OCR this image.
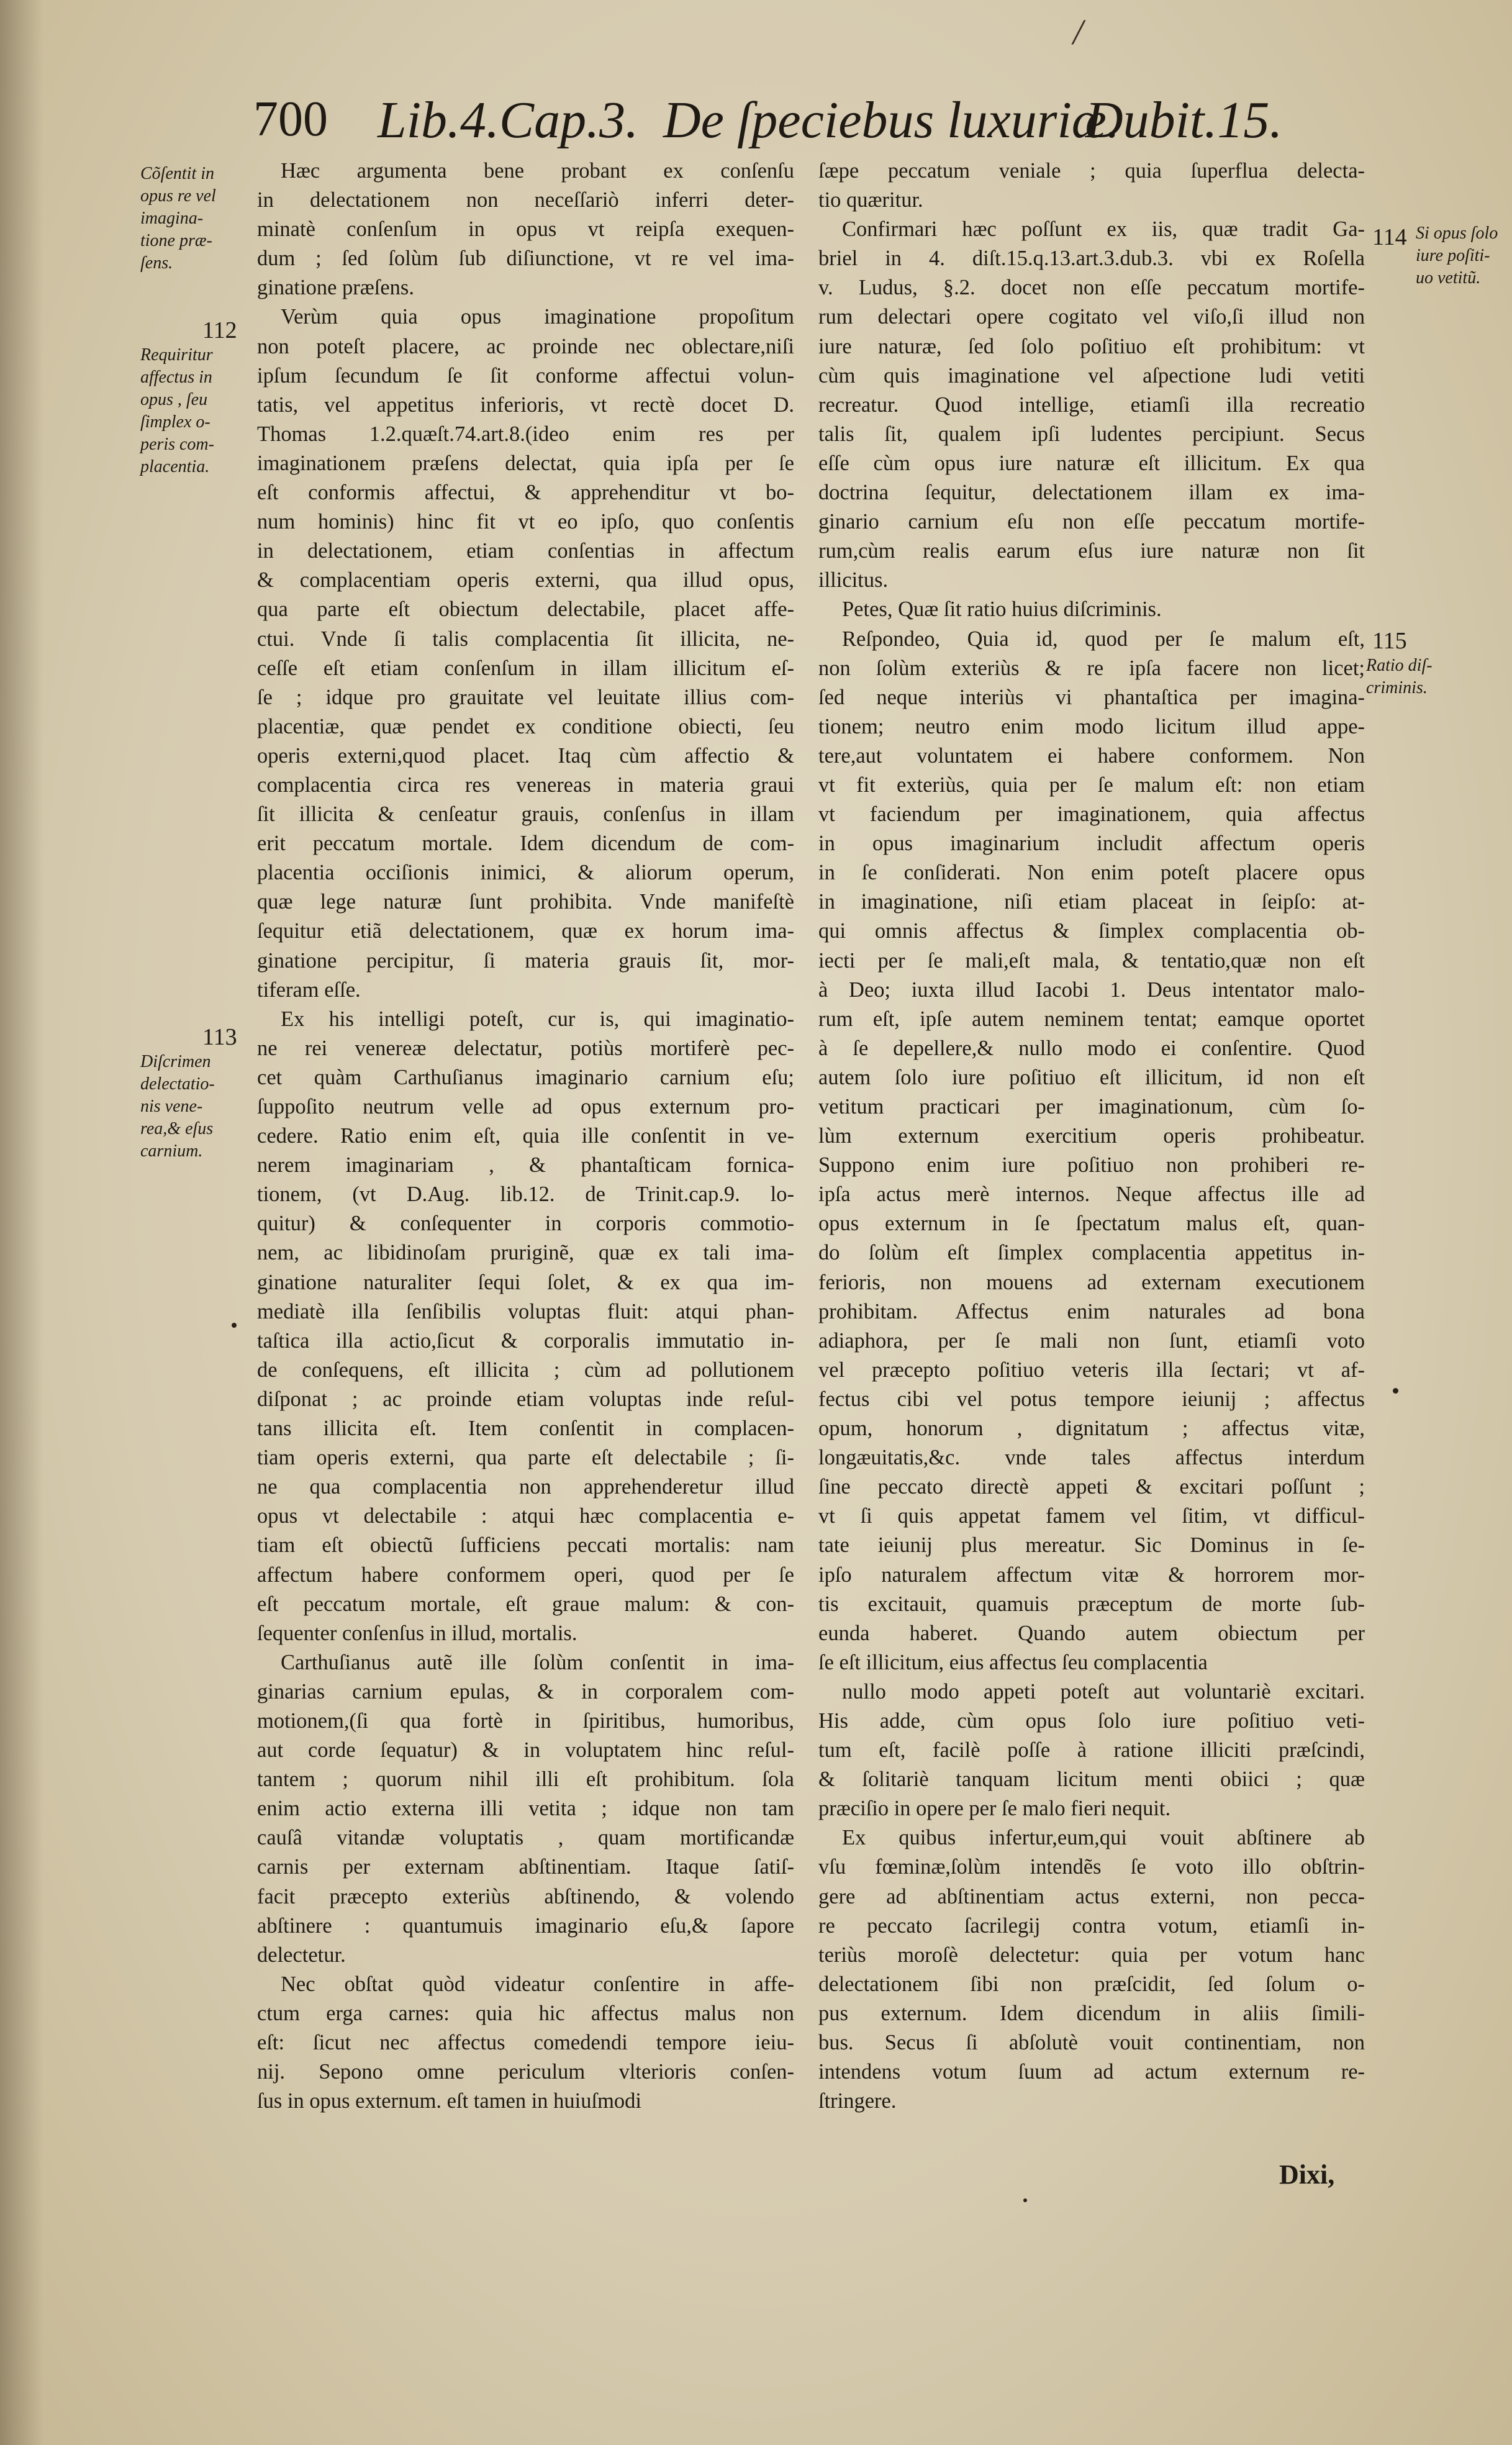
/
700 Lib.4.Cap.3. De ſpeciebus luxuriæ.
Dubit.15.
Cõſentit in
opus re vel
imagina-
tione præ-
ſens.
112
Requiritur
affectus in
opus , ſeu
ſimplex o-
peris com-
placentia.
113
Diſcrimen
delectatio-
nis vene-
rea,& eſus
carnium.
114 Si opus ſolo
iure poſiti-
uo vetitũ.
115
Ratio diſ-
criminis.
Hæc argumenta bene probant ex conſenſu
in delectationem non neceſſariò inferri deter-
minatè conſenſum in opus vt reipſa exequen-
dum ; ſed ſolùm ſub diſiunctione, vt re vel ima-
ginatione præſens.
Verùm quia opus imaginatione propoſitum
non poteſt placere, ac proinde nec oblectare,niſi
ipſum ſecundum ſe ſit conforme affectui volun-
tatis, vel appetitus inferioris, vt rectè docet D.
Thomas 1.2.quæſt.74.art.8.(ideo enim res per
imaginationem præſens delectat, quia ipſa per ſe
eſt conformis affectui, & apprehenditur vt bo-
num hominis) hinc fit vt eo ipſo, quo conſentis
in delectationem, etiam conſentias in affectum
& complacentiam operis externi, qua illud opus,
qua parte eſt obiectum delectabile, placet affe-
ctui. Vnde ſi talis complacentia ſit illicita, ne-
ceſſe eſt etiam conſenſum in illam illicitum eſ-
ſe ; idque pro grauitate vel leuitate illius com-
placentiæ, quæ pendet ex conditione obiecti, ſeu
operis externi,quod placet. Itaq cùm affectio &
complacentia circa res venereas in materia graui
ſit illicita & cenſeatur grauis, conſenſus in illam
erit peccatum mortale. Idem dicendum de com-
placentia occiſionis inimici, & aliorum operum,
quæ lege naturæ ſunt prohibita. Vnde manifeſtè
ſequitur etiã delectationem, quæ ex horum ima-
ginatione percipitur, ſi materia grauis ſit, mor-
tiferam eſſe.
Ex his intelligi poteſt, cur is, qui imaginatio-
ne rei venereæ delectatur, potiùs mortiferè pec-
cet quàm Carthuſianus imaginario carnium eſu;
ſuppoſito neutrum velle ad opus externum pro-
cedere. Ratio enim eſt, quia ille conſentit in ve-
nerem imaginariam , & phantaſticam fornica-
tionem, (vt D.Aug. lib.12. de Trinit.cap.9. lo-
quitur) & conſequenter in corporis commotio-
nem, ac libidinoſam pruriginẽ, quæ ex tali ima-
ginatione naturaliter ſequi ſolet, & ex qua im-
mediatè illa ſenſibilis voluptas fluit: atqui phan-
taſtica illa actio,ſicut & corporalis immutatio in-
de conſequens, eſt illicita ; cùm ad pollutionem
diſponat ; ac proinde etiam voluptas inde reſul-
tans illicita eſt. Item conſentit in complacen-
tiam operis externi, qua parte eſt delectabile ; ſi-
ne qua complacentia non apprehenderetur illud
opus vt delectabile : atqui hæc complacentia e-
tiam eſt obiectũ ſufficiens peccati mortalis: nam
affectum habere conformem operi, quod per ſe
eſt peccatum mortale, eſt graue malum: & con-
ſequenter conſenſus in illud, mortalis.
Carthuſianus autẽ ille ſolùm conſentit in ima-
ginarias carnium epulas, & in corporalem com-
motionem,(ſi qua fortè in ſpiritibus, humoribus,
aut corde ſequatur) & in voluptatem hinc reſul-
tantem ; quorum nihil illi eſt prohibitum. ſola
enim actio externa illi vetita ; idque non tam
cauſâ vitandæ voluptatis , quam mortificandæ
carnis per externam abſtinentiam. Itaque ſatiſ-
facit præcepto exteriùs abſtinendo, & volendo
abſtinere : quantumuis imaginario eſu,& ſapore
delectetur.
Nec obſtat quòd videatur conſentire in affe-
ctum erga carnes: quia hic affectus malus non
eſt: ſicut nec affectus comedendi tempore ieiu-
nij. Sepono omne periculum vlterioris conſen-
ſus in opus externum. eſt tamen in huiuſmodi
ſæpe peccatum veniale ; quia ſuperflua delecta-
tio quæritur.
Confirmari hæc poſſunt ex iis, quæ tradit Ga-
briel in 4. diſt.15.q.13.art.3.dub.3. vbi ex Roſella
v. Ludus, §.2. docet non eſſe peccatum mortife-
rum delectari opere cogitato vel viſo,ſi illud non
iure naturæ, ſed ſolo poſitiuo eſt prohibitum: vt
cùm quis imaginatione vel aſpectione ludi vetiti
recreatur. Quod intellige, etiamſi illa recreatio
talis ſit, qualem ipſi ludentes percipiunt. Secus
eſſe cùm opus iure naturæ eſt illicitum. Ex qua
doctrina ſequitur, delectationem illam ex ima-
ginario carnium eſu non eſſe peccatum mortife-
rum,cùm realis earum eſus iure naturæ non ſit
illicitus.
Petes, Quæ ſit ratio huius diſcriminis.
Reſpondeo, Quia id, quod per ſe malum eſt,
non ſolùm exteriùs & re ipſa facere non licet;
ſed neque interiùs vi phantaſtica per imagina-
tionem; neutro enim modo licitum illud appe-
tere,aut voluntatem ei habere conformem. Non
vt fit exteriùs, quia per ſe malum eſt: non etiam
vt faciendum per imaginationem, quia affectus
in opus imaginarium includit affectum operis
in ſe conſiderati. Non enim poteſt placere opus
in imaginatione, niſi etiam placeat in ſeipſo: at-
qui omnis affectus & ſimplex complacentia ob-
iecti per ſe mali,eſt mala, & tentatio,quæ non eſt
à Deo; iuxta illud Iacobi 1. Deus intentator malo-
rum eſt, ipſe autem neminem tentat; eamque oportet
à ſe depellere,& nullo modo ei conſentire. Quod
autem ſolo iure poſitiuo eſt illicitum, id non eſt
vetitum practicari per imaginationum, cùm ſo-
lùm externum exercitium operis prohibeatur.
Suppono enim iure poſitiuo non prohiberi re-
ipſa actus merè internos. Neque affectus ille ad
opus externum in ſe ſpectatum malus eſt, quan-
do ſolùm eſt ſimplex complacentia appetitus in-
ferioris, non mouens ad externam executionem
prohibitam. Affectus enim naturales ad bona
adiaphora, per ſe mali non ſunt, etiamſi voto
vel præcepto poſitiuo veteris illa ſectari; vt af-
fectus cibi vel potus tempore ieiunij ; affectus
opum, honorum , dignitatum ; affectus vitæ,
longæuitatis,&c. vnde tales affectus interdum
ſine peccato directè appeti & excitari poſſunt ;
vt ſi quis appetat famem vel ſitim, vt difficul-
tate ieiunij plus mereatur. Sic Dominus in ſe-
ipſo naturalem affectum vitæ & horrorem mor-
tis excitauit, quamuis præceptum de morte ſub-
eunda haberet. Quando autem obiectum per
ſe eſt illicitum, eius affectus ſeu complacentia
nullo modo appeti poteſt aut voluntariè excitari.
His adde, cùm opus ſolo iure poſitiuo veti-
tum eſt, facilè poſſe à ratione illiciti præſcindi,
& ſolitariè tanquam licitum menti obiici ; quæ
præciſio in opere per ſe malo fieri nequit.
Ex quibus infertur,eum,qui vouit abſtinere ab
vſu fœminæ,ſolùm intendẽs ſe voto illo obſtrin-
gere ad abſtinentiam actus externi, non pecca-
re peccato ſacrilegij contra votum, etiamſi in-
teriùs moroſè delectetur: quia per votum hanc
delectationem ſibi non præſcidit, ſed ſolum o-
pus externum. Idem dicendum in aliis ſimili-
bus. Secus ſi abſolutè vouit continentiam, non
intendens votum ſuum ad actum externum re-
ſtringere.
Dixi,
